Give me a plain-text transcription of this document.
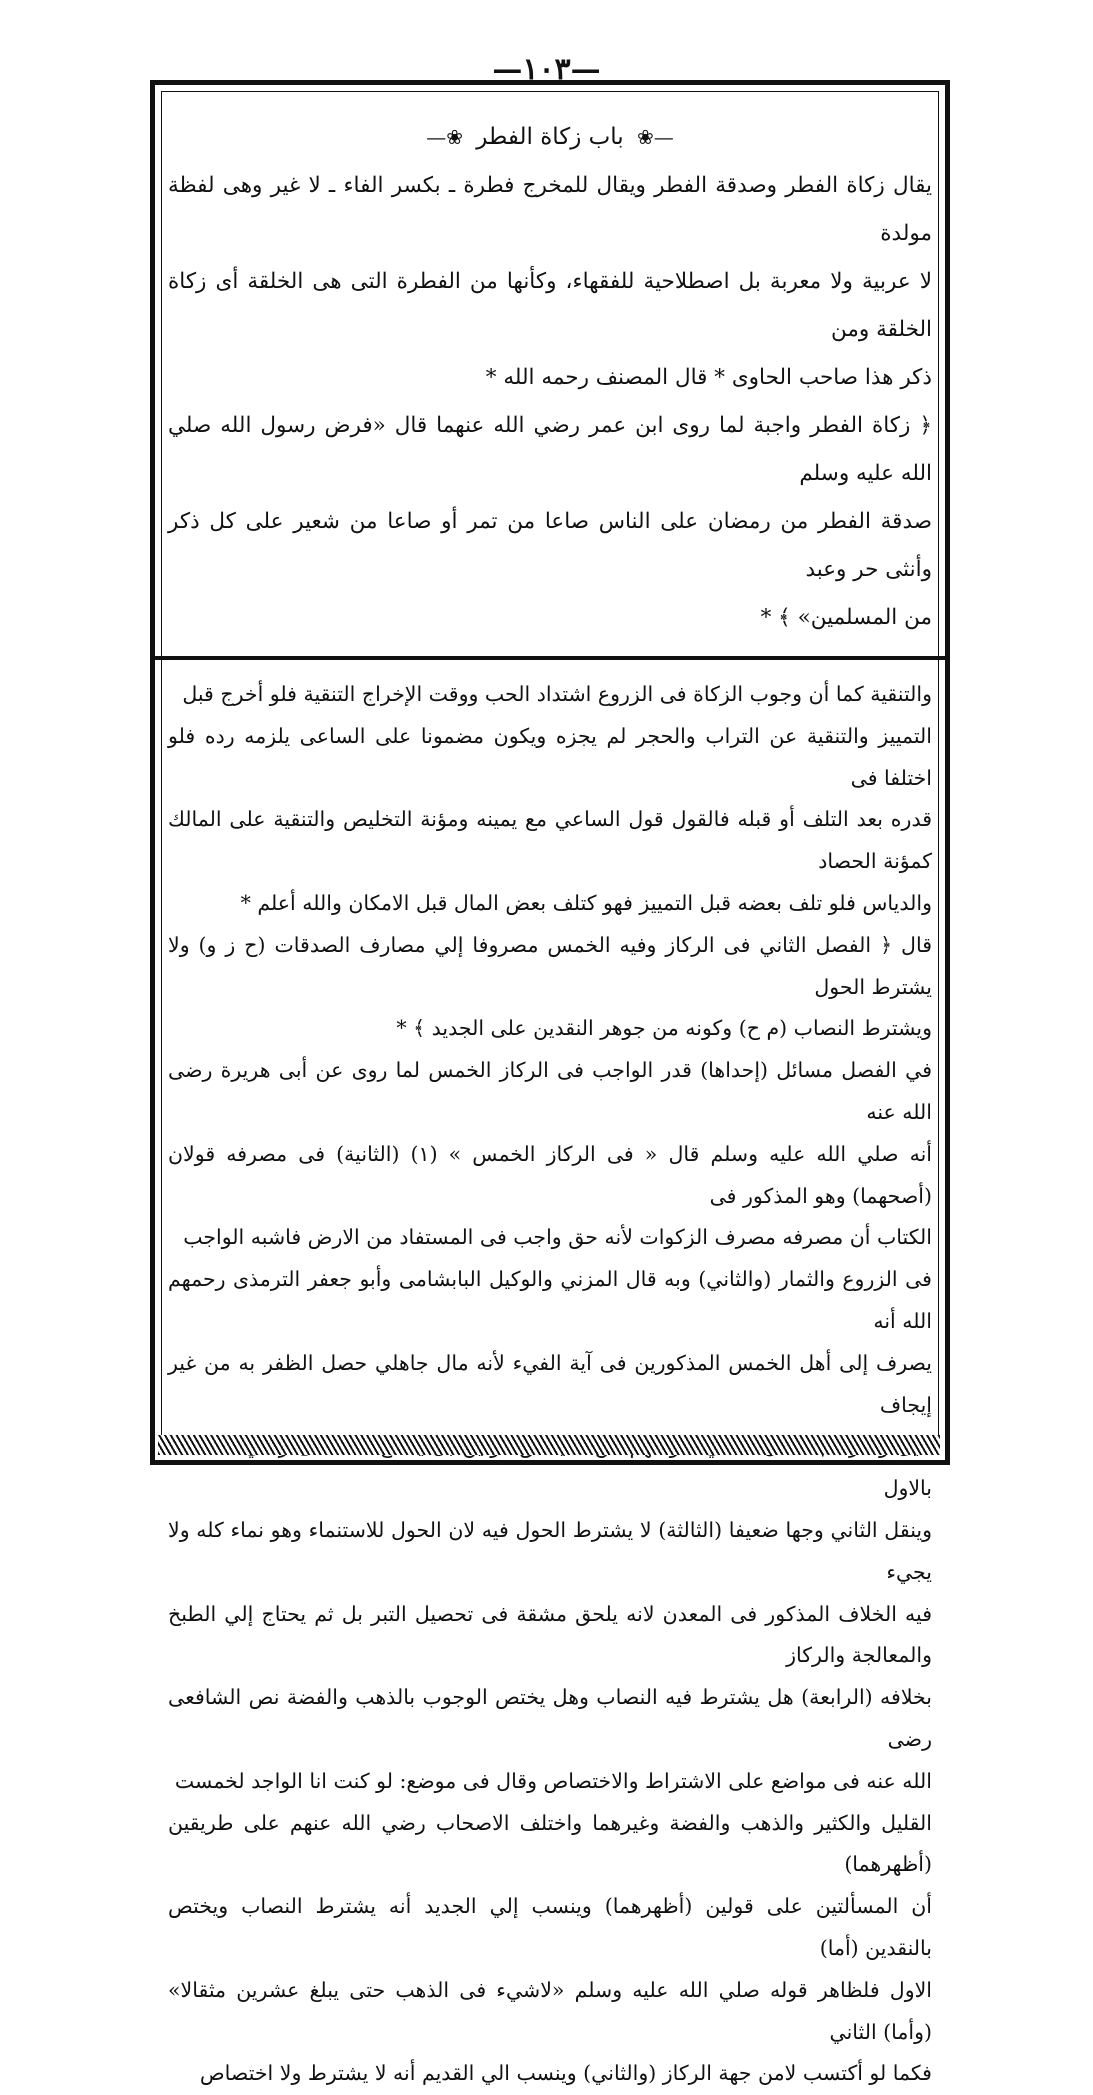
—١٠٣—
—❀ باب زكاة الفطر ❀—

يقال زكاة الفطر وصدقة الفطر ويقال للمخرج فطرة ـ بكسر الفاء ـ لا غير وهى لفظة مولدة

لا عربية ولا معربة بل اصطلاحية للفقهاء، وكأنها من الفطرة التى هى الخلقة أى زكاة الخلقة ومن

ذكر هذا صاحب الحاوى * قال المصنف رحمه الله *

﴿ زكاة الفطر واجبة لما روى ابن عمر رضي الله عنهما قال «فرض رسول الله صلي الله عليه وسلم

صدقة الفطر من رمضان على الناس صاعا من تمر أو صاعا من شعير على كل ذكر وأنثى حر وعبد

من المسلمين» ﴾ *

والتنقية كما أن وجوب الزكاة فى الزروع اشتداد الحب ووقت الإخراج التنقية فلو أخرج قبل

التمييز والتنقية عن التراب والحجر لم يجزه ويكون مضمونا على الساعى يلزمه رده فلو اختلفا فى

قدره بعد التلف أو قبله فالقول قول الساعي مع يمينه ومؤنة التخليص والتنقية على المالك كمؤنة الحصاد

والدياس فلو تلف بعضه قبل التمييز فهو كتلف بعض المال قبل الامكان والله أعلم *

قال ﴿ الفصل الثاني فى الركاز وفيه الخمس مصروفا إلي مصارف الصدقات (ح ز و) ولا يشترط الحول

ويشترط النصاب (م ح) وكونه من جوهر النقدين على الجديد ﴾ *

في الفصل مسائل (إحداها) قدر الواجب فى الركاز الخمس لما روى عن أبى هريرة رضى الله عنه

أنه صلي الله عليه وسلم قال « فى الركاز الخمس » (١) (الثانية) فى مصرفه قولان (أصحهما) وهو المذكور فى

الكتاب أن مصرفه مصرف الزكوات لأنه حق واجب فى المستفاد من الارض فاشبه الواجب

فى الزروع والثمار (والثاني) وبه قال المزني والوكيل البابشامى وأبو جعفر الترمذى رحمهم الله أنه

يصرف إلى أهل الخمس المذكورين فى آية الفيء لأنه مال جاهلي حصل الظفر به من غير إيجاف

بالاول

وينقل الثاني وجها ضعيفا (الثالثة) لا يشترط الحول فيه لان الحول للاستنماء وهو نماء كله ولا يجيء

فيه الخلاف المذكور فى المعدن لانه يلحق مشقة فى تحصيل التبر بل ثم يحتاج إلي الطبخ والمعالجة والركاز

بخلافه (الرابعة) هل يشترط فيه النصاب وهل يختص الوجوب بالذهب والفضة نص الشافعى رضى

الله عنه فى مواضع على الاشتراط والاختصاص وقال فى موضع: لو كنت انا الواجد لخمست

القليل والكثير والذهب والفضة وغيرهما واختلف الاصحاب رضي الله عنهم على طريقين (أظهرهما)

أن المسألتين على قولين (أظهرهما) وينسب إلي الجديد أنه يشترط النصاب ويختص بالنقدين (أما)

الاول فلظاهر قوله صلي الله عليه وسلم «لاشيء فى الذهب حتى يبلغ عشرين مثقالا» (وأما) الثاني

فكما لو أكتسب لامن جهة الركاز (والثاني) وينسب الي القديم أنه لا يشترط ولا اختصاص
